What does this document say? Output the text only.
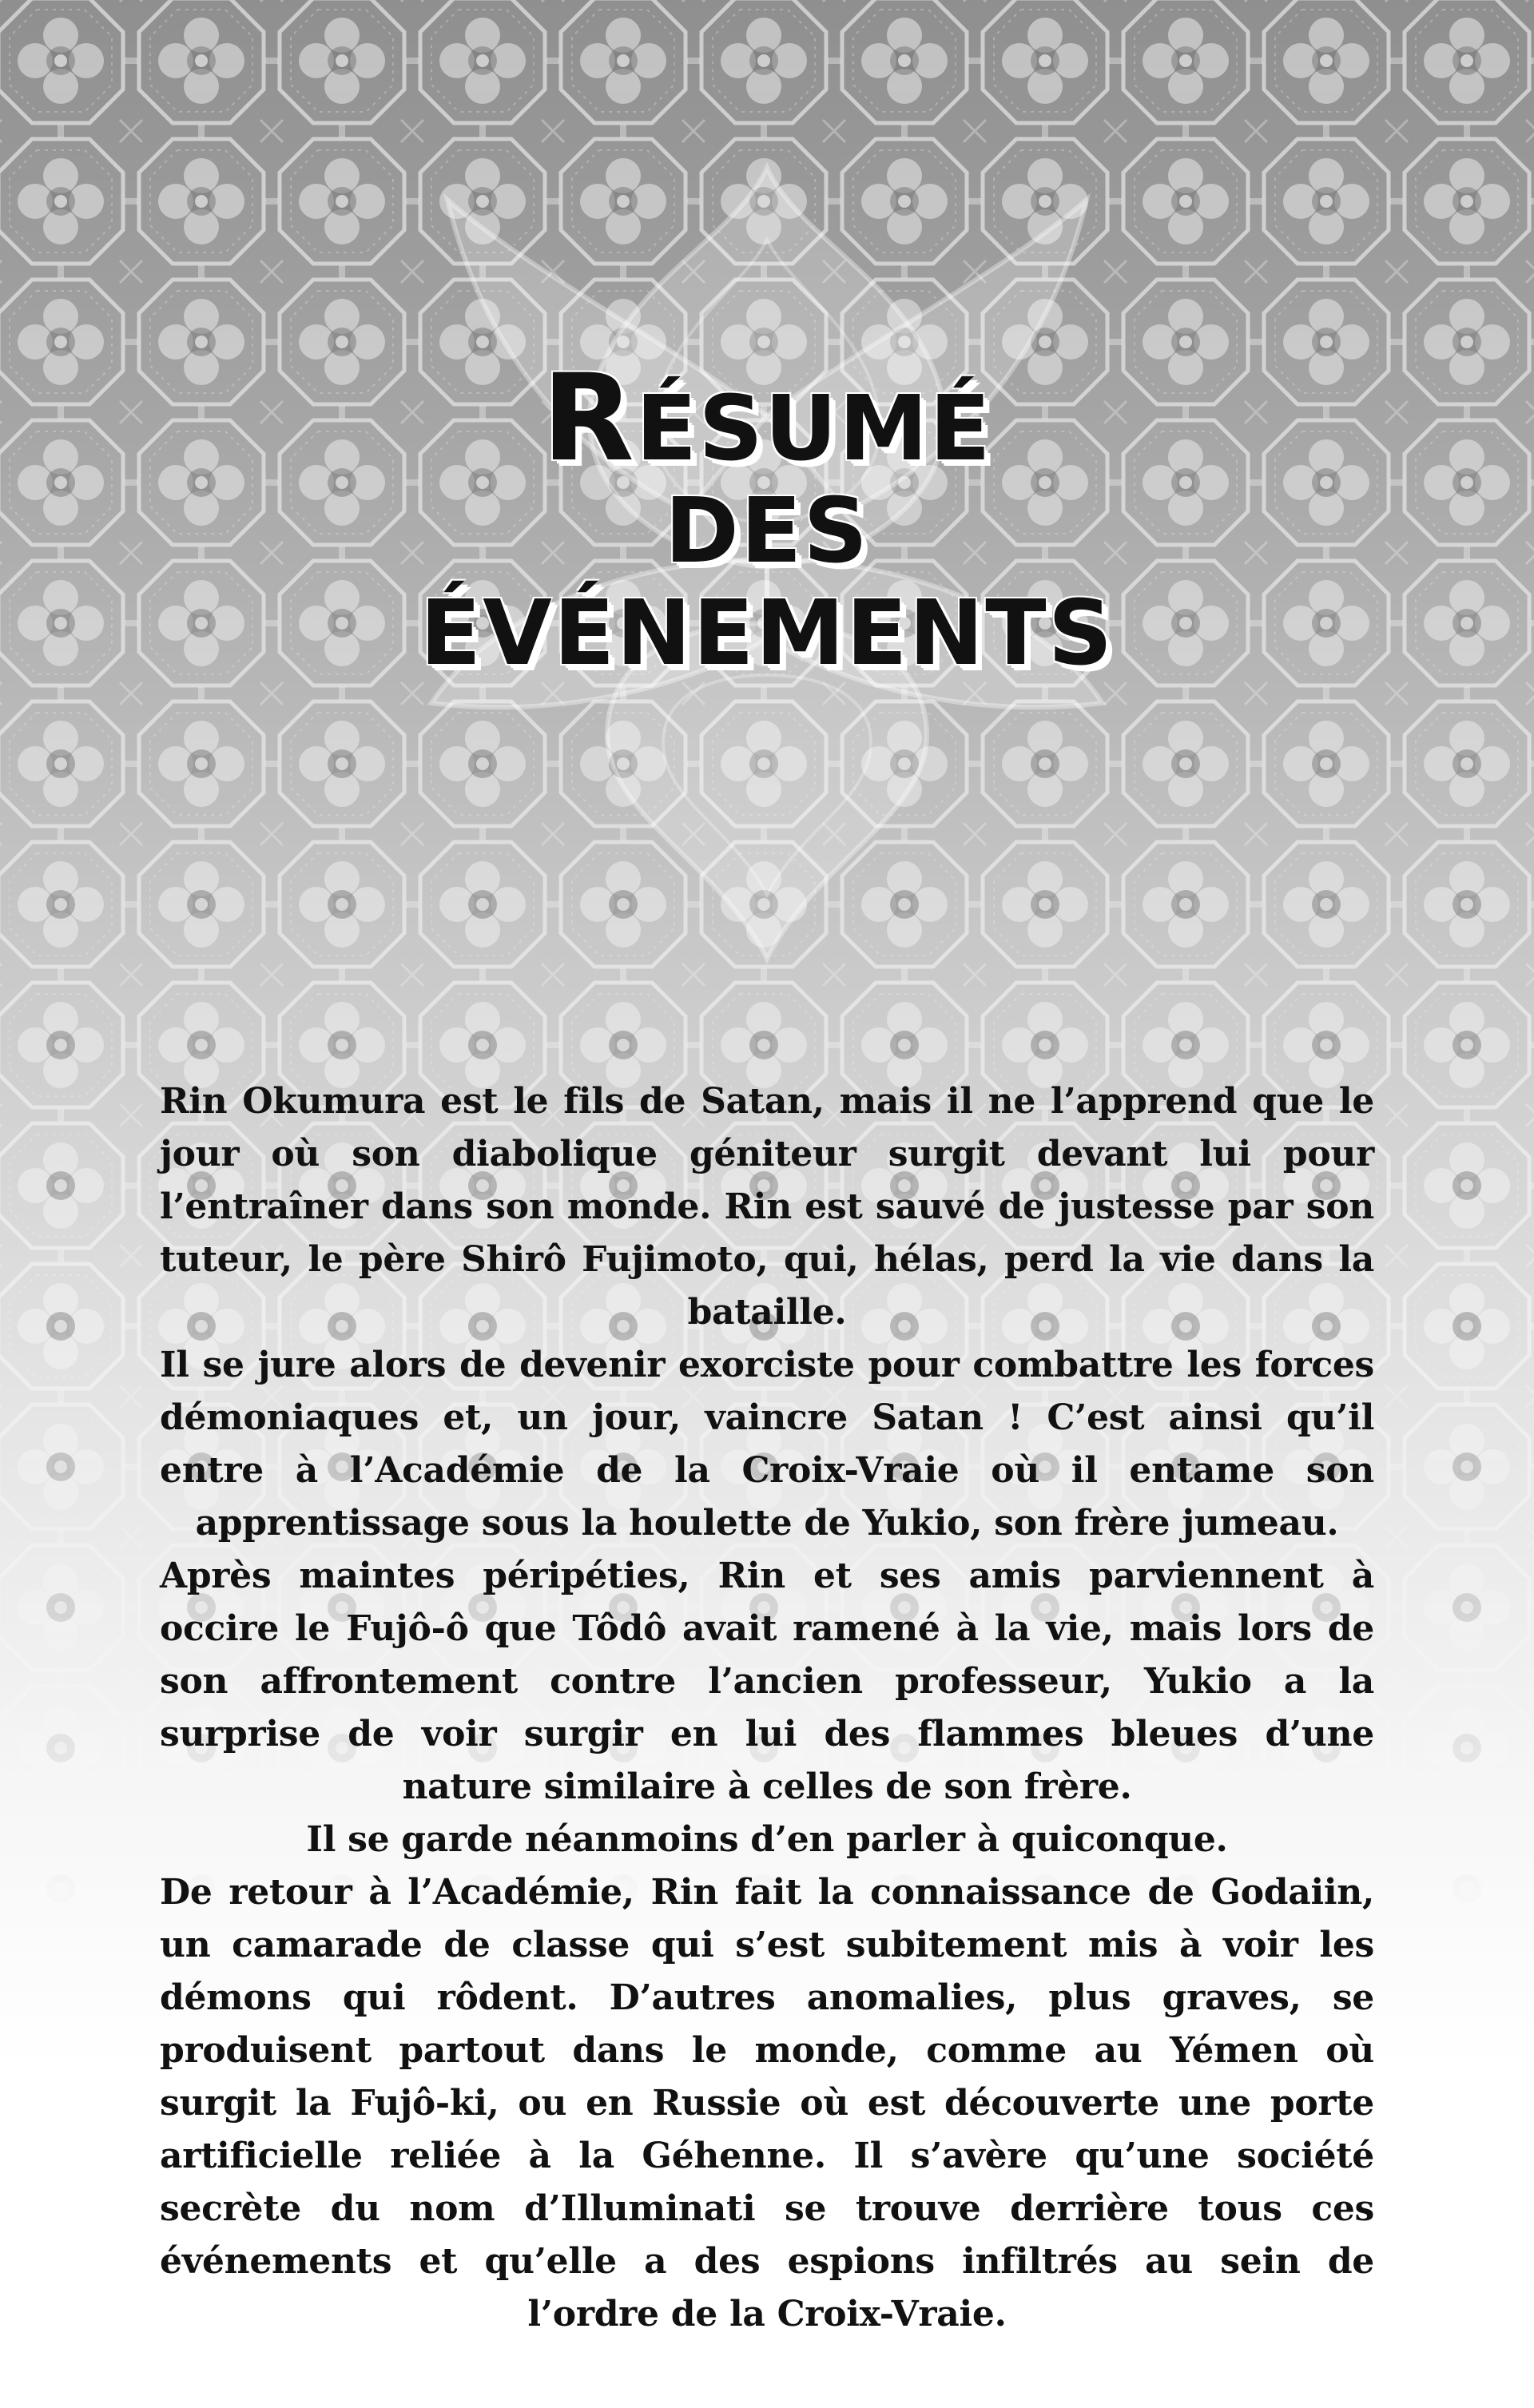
RÉSUMÉ
DES
ÉVÉNEMENTS

Rin Okumura est le fils de Satan, mais il ne l’apprend que le jour où son diabolique géniteur surgit devant lui pour l’entraîner dans son monde. Rin est sauvé de justesse par son tuteur, le père Shirô Fujimoto, qui, hélas, perd la vie dans la bataille.

Il se jure alors de devenir exorciste pour combattre les forces démoniaques et, un jour, vaincre Satan ! C’est ainsi qu’il entre à l’Académie de la Croix-Vraie où il entame son apprentissage sous la houlette de Yukio, son frère jumeau.

Après maintes péripéties, Rin et ses amis parviennent à occire le Fujô-ô que Tôdô avait ramené à la vie, mais lors de son affrontement contre l’ancien professeur, Yukio a la surprise de voir surgir en lui des flammes bleues d’une nature similaire à celles de son frère.

Il se garde néanmoins d’en parler à quiconque.

De retour à l’Académie, Rin fait la connaissance de Godaiin, un camarade de classe qui s’est subitement mis à voir les démons qui rôdent. D’autres anomalies, plus graves, se produisent partout dans le monde, comme au Yémen où surgit la Fujô-ki, ou en Russie où est découverte une porte artificielle reliée à la Géhenne. Il s’avère qu’une société secrète du nom d’Illuminati se trouve derrière tous ces événements et qu’elle a des espions infiltrés au sein de l’ordre de la Croix-Vraie.
